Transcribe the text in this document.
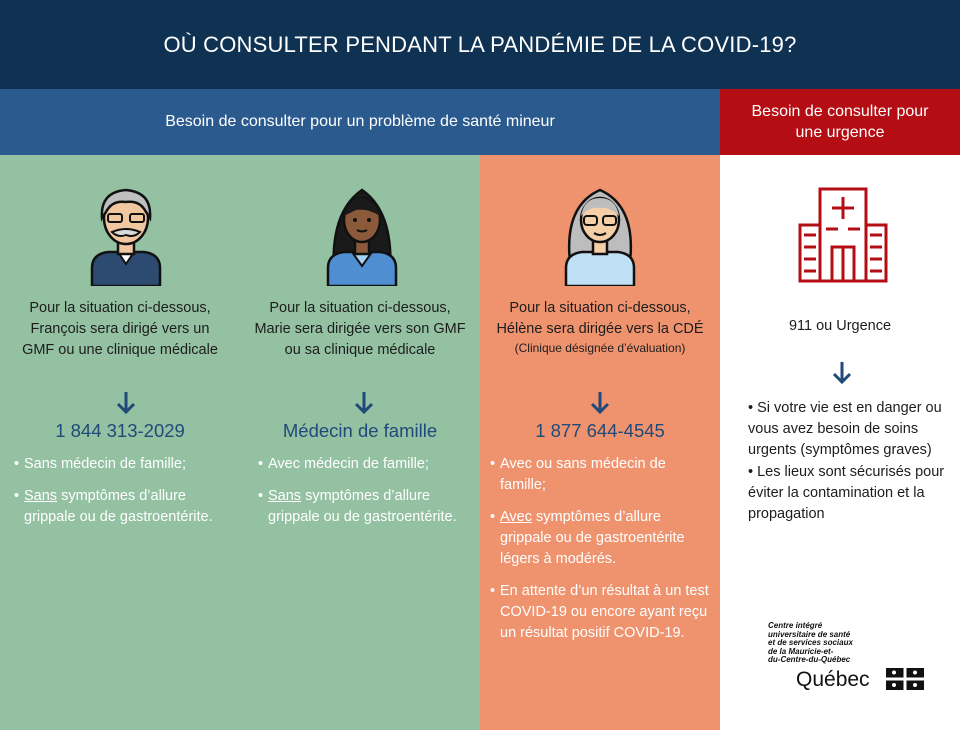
OÙ CONSULTER PENDANT LA PANDÉMIE DE LA COVID-19?
Besoin de consulter pour un problème de santé mineur
Besoin de consulter pour une urgence
Pour la situation ci-dessous, François sera dirigé vers un GMF ou une clinique médicale
1 844 313-2029
• Sans médecin de famille;
• Sans symptômes d’allure grippale ou de gastroentérite.
Pour la situation ci-dessous, Marie sera dirigée vers son GMF ou sa clinique médicale
Médecin de famille
• Avec médecin de famille;
• Sans symptômes d’allure grippale ou de gastroentérite.
Pour la situation ci-dessous, Hélène sera dirigée vers la CDÉ
(Clinique désignée d’évaluation)
1 877 644-4545
• Avec ou sans médecin de famille;
• Avec symptômes d’allure grippale ou de gastroentérite légers à modérés.
• En attente d’un résultat à un test COVID-19 ou encore ayant reçu un résultat positif COVID-19.
911 ou Urgence
• Si votre vie est en danger ou vous avez besoin de soins urgents (symptômes graves)
• Les lieux sont sécurisés pour éviter la contamination et la propagation
Centre intégré
universitaire de santé
et de services sociaux
de la Mauricie-et-
du-Centre-du-Québec
Québec
